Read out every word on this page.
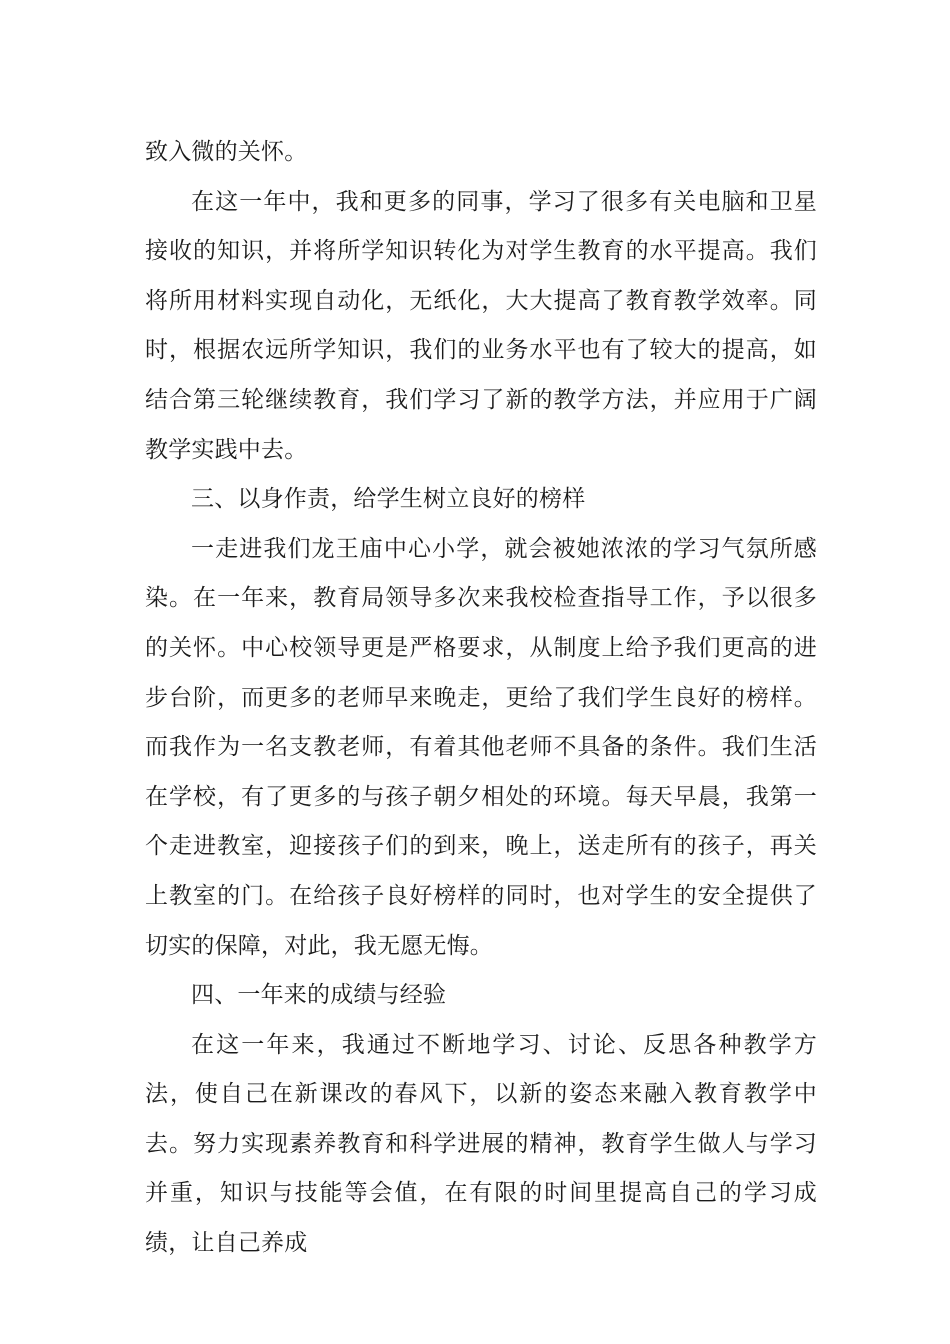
致入微的关怀。

在这一年中，我和更多的同事，学习了很多有关电脑和卫星接收的知识，并将所学知识转化为对学生教育的水平提高。我们将所用材料实现自动化，无纸化，大大提高了教育教学效率。同时，根据农远所学知识，我们的业务水平也有了较大的提高，如结合第三轮继续教育，我们学习了新的教学方法，并应用于广阔教学实践中去。

三、以身作责，给学生树立良好的榜样

一走进我们龙王庙中心小学，就会被她浓浓的学习气氛所感染。在一年来，教育局领导多次来我校检查指导工作，予以很多的关怀。中心校领导更是严格要求，从制度上给予我们更高的进步台阶，而更多的老师早来晚走，更给了我们学生良好的榜样。而我作为一名支教老师，有着其他老师不具备的条件。我们生活在学校，有了更多的与孩子朝夕相处的环境。每天早晨，我第一个走进教室，迎接孩子们的到来，晚上，送走所有的孩子，再关上教室的门。在给孩子良好榜样的同时，也对学生的安全提供了切实的保障，对此，我无愿无悔。

四、一年来的成绩与经验

在这一年来，我通过不断地学习、讨论、反思各种教学方法，使自己在新课改的春风下，以新的姿态来融入教育教学中去。努力实现素养教育和科学进展的精神，教育学生做人与学习并重，知识与技能等会值，在有限的时间里提高自己的学习成绩，让自己养成
